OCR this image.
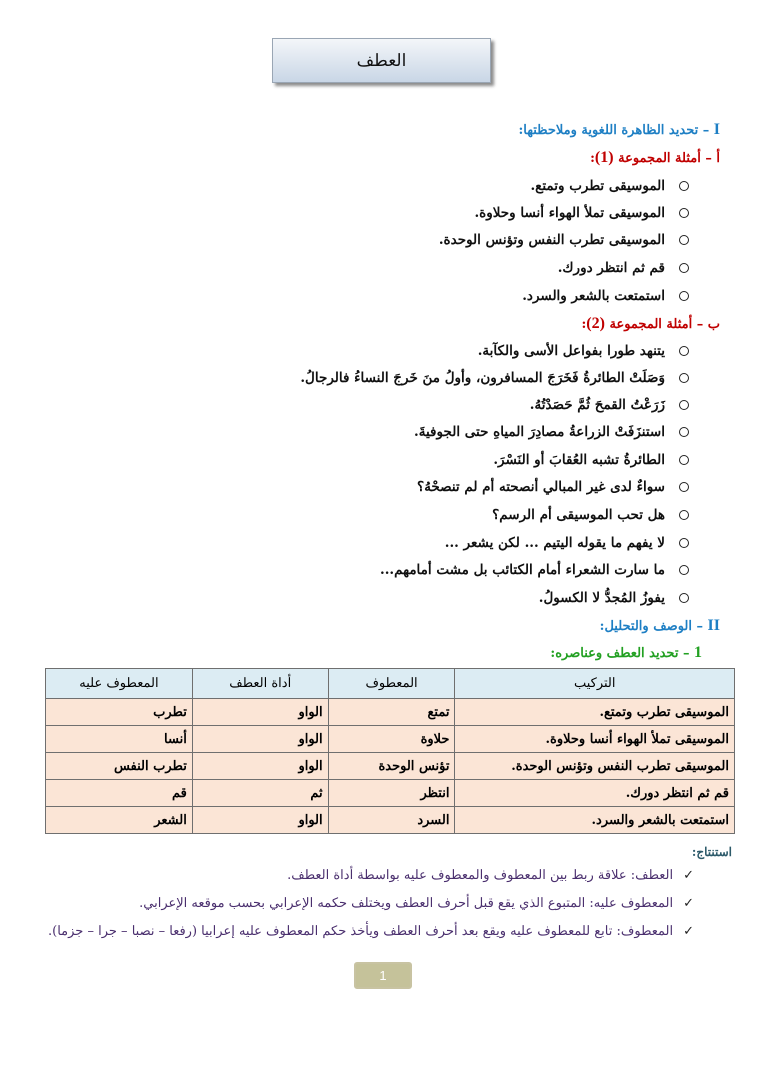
العطف
I – تحديد الظاهرة اللغوية وملاحظتها:
أ – أمثلة المجموعة (1):
الموسيقى تطرب وتمتع.
الموسيقى تملأ الهواء أنسا وحلاوة.
الموسيقى تطرب النفس وتؤنس الوحدة.
قم ثم انتظر دورك.
استمتعت بالشعر والسرد.
ب – أمثلة المجموعة (2):
يتنهد طورا بفواعل الأسى والكآبة.
وَصَلَتْ الطائرةُ فَخَرَجَ المسافرون، وأولُ منَ خَرجَ النساءُ فالرجالُ.
زَرَعْتُ القمحَ ثُمَّ حَصَدْتُهُ.
استنزَفَتْ الزراعةُ مصادِرَ المياهِ حتى الجوفيةَ.
الطائرةُ تشبه العُقابَ أو النَسْرَ.
سواءٌ لدى غير المبالي أنصحته أم لم تنصحْهُ؟
هل تحب الموسيقى أم الرسم؟
لا يفهم ما يقوله اليتيم ... لكن يشعر ...
ما سارت الشعراء أمام الكتائب بل مشت أمامهم...
يفوزُ المُجدُّ لا الكسولُ.
II – الوصف والتحليل:
1 – تحديد العطف وعناصره:
التركيب	المعطوف	أداة العطف	المعطوف عليه
الموسيقى تطرب وتمتع.	تمتع	الواو	تطرب
الموسيقى تملأ الهواء أنسا وحلاوة.	حلاوة	الواو	أنسا
الموسيقى تطرب النفس وتؤنس الوحدة.	تؤنس الوحدة	الواو	تطرب النفس
قم ثم انتظر دورك.	انتظر	ثم	قم
استمتعت بالشعر والسرد.	السرد	الواو	الشعر
استنتاج:
✓
العطف: علاقة ربط بين المعطوف والمعطوف عليه بواسطة أداة العطف.
✓
المعطوف عليه: المتبوع الذي يقع قبل أحرف العطف ويختلف حكمه الإعرابي بحسب موقعه الإعرابي.
✓
المعطوف: تابع للمعطوف عليه ويقع بعد أحرف العطف ويأخذ حكم المعطوف عليه إعرابيا (رفعا – نصبا – جرا – جزما).
1
